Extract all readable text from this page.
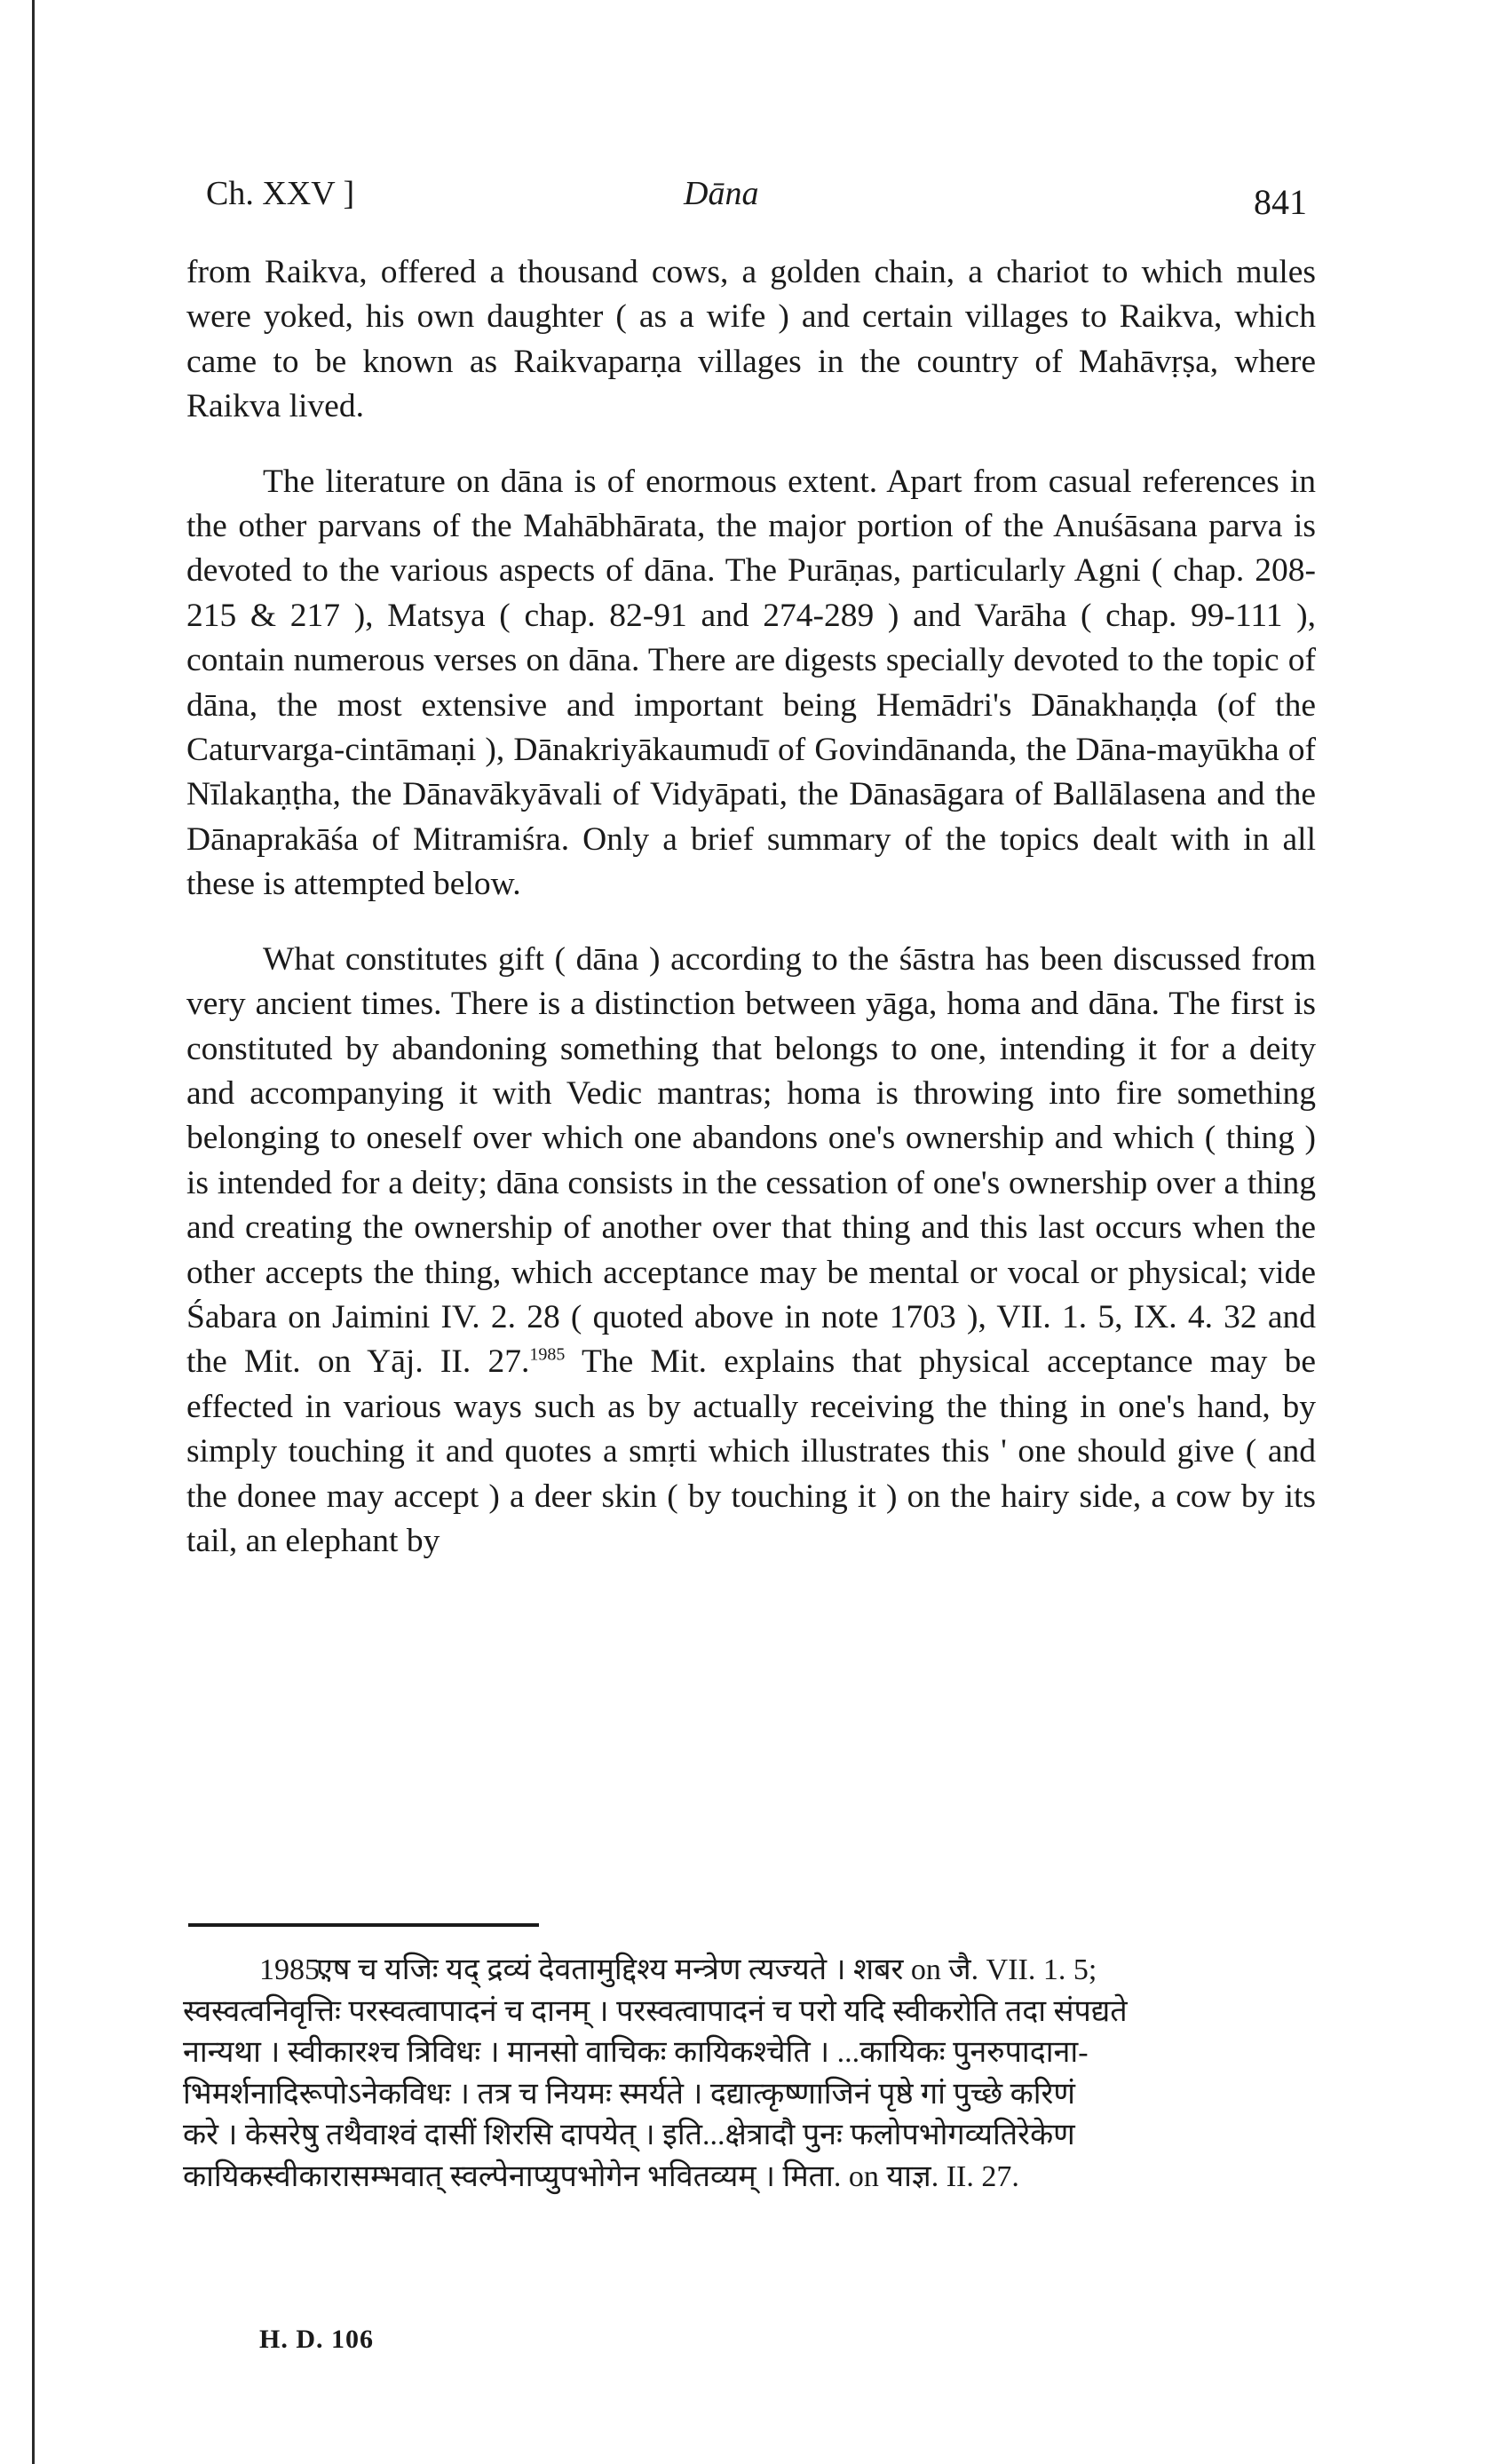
Ch. XXV ]	Dāna	841

from Raikva, offered a thousand cows, a golden chain, a chariot to which mules were yoked, his own daughter ( as a wife ) and certain villages to Raikva, which came to be known as Raikvaparṇa villages in the country of Mahāvṛṣa, where Raikva lived.

The literature on dāna is of enormous extent. Apart from casual references in the other parvans of the Mahābhārata, the major portion of the Anuśāsana parva is devoted to the various aspects of dāna. The Purāṇas, particularly Agni ( chap. 208-215 & 217 ), Matsya ( chap. 82-91 and 274-289 ) and Varāha ( chap. 99-111 ), contain numerous verses on dāna. There are digests specially devoted to the topic of dāna, the most extensive and important being Hemādri's Dānakhaṇḍa (of the Caturvarga-cintāmaṇi ), Dānakriyākaumudī of Govindānanda, the Dāna-mayūkha of Nīlakaṇṭha, the Dānavākyāvali of Vidyāpati, the Dānasāgara of Ballālasena and the Dānaprakāśa of Mitramiśra. Only a brief summary of the topics dealt with in all these is attempted below.

What constitutes gift ( dāna ) according to the śāstra has been discussed from very ancient times. There is a distinction between yāga, homa and dāna. The first is constituted by abandoning something that belongs to one, intending it for a deity and accompanying it with Vedic mantras; homa is throwing into fire something belonging to oneself over which one abandons one's ownership and which ( thing ) is intended for a deity; dāna consists in the cessation of one's ownership over a thing and creating the ownership of another over that thing and this last occurs when the other accepts the thing, which acceptance may be mental or vocal or physical; vide Śabara on Jaimini IV. 2. 28 ( quoted above in note 1703 ), VII. 1. 5, IX. 4. 32 and the Mit. on Yāj. II. 27.$^{1985}$ The Mit. explains that physical acceptance may be effected in various ways such as by actually receiving the thing in one's hand, by simply touching it and quotes a smṛti which illustrates this ' one should give ( and the donee may accept ) a deer skin ( by touching it ) on the hairy side, a cow by its tail, an elephant by

1985.एष च यजिः यद् द्रव्यं देवतामुद्दिश्य मन्त्रेण त्यज्यते । शबर on जै. VII. 1. 5;
स्वस्वत्वनिवृत्तिः परस्वत्वापादनं च दानम् । परस्वत्वापादनं च परो यदि स्वीकरोति तदा संपद्यते
नान्यथा । स्वीकारश्च त्रिविधः । मानसो वाचिकः कायिकश्चेति । ...कायिकः पुनरुपादाना-
भिमर्शनादिरूपोऽनेकविधः । तत्र च नियमः स्मर्यते । दद्यात्कृष्णाजिनं पृष्ठे गां पुच्छे करिणं
करे । केसरेषु तथैवाश्वं दासीं शिरसि दापयेत् । इति...क्षेत्रादौ पुनः फलोपभोगव्यतिरेकेण
कायिकस्वीकारासम्भवात् स्वल्पेनाप्युपभोगेन भवितव्यम् । मिता. on याज्ञ. II. 27.
H. D. 106
